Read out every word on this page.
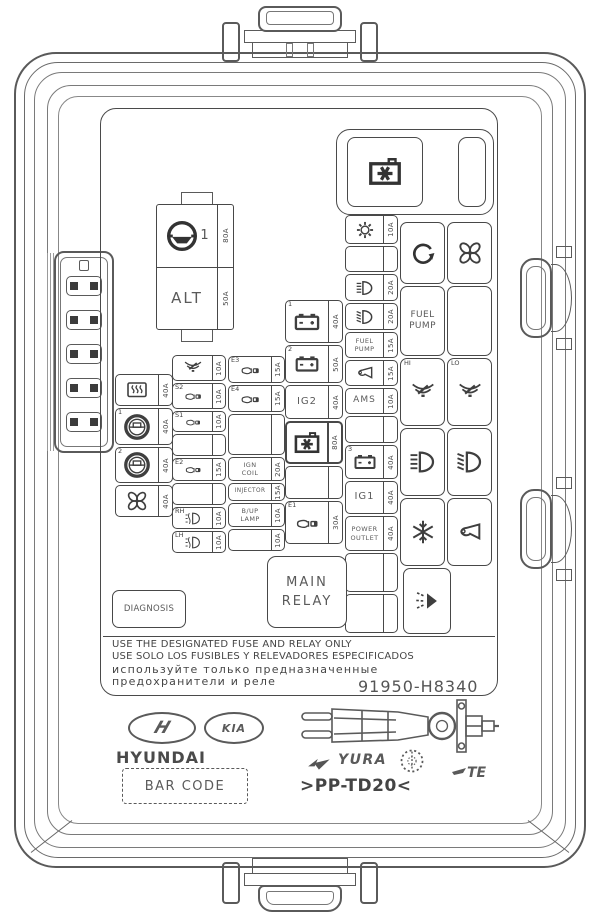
1
ALT
80A
50A
FUEL
PUMP
HI	LO
10A
20A
20A
FUEL
PUMP 15A
15A
AMS 10A
3
40A
IG1 40A
POWER
OUTLET 40A
1
40A
2
50A
IG2 40A
80A
E1
30A
E3
15A
E4
15A
IGN
COIL 20A
INJECTOR 15A
B/UP
LAMP 10A
10A
10A
S2
10A
S1	10A
E2
15A
RH	10A
LH	10A
40A
1
40A
2
40A
40A
DIAGNOSIS
MAIN
RELAY
USE THE DESIGNATED FUSE AND RELAY ONLY
USE SOLO LOS FUSIBLES Y RELEVADORES ESPECIFICADOS
используйте только предназначенные
предохранители и реле	91950-H8340
H	KIA
HYUNDAI
BAR CODE
YURA
>PP-TD20<
TE
